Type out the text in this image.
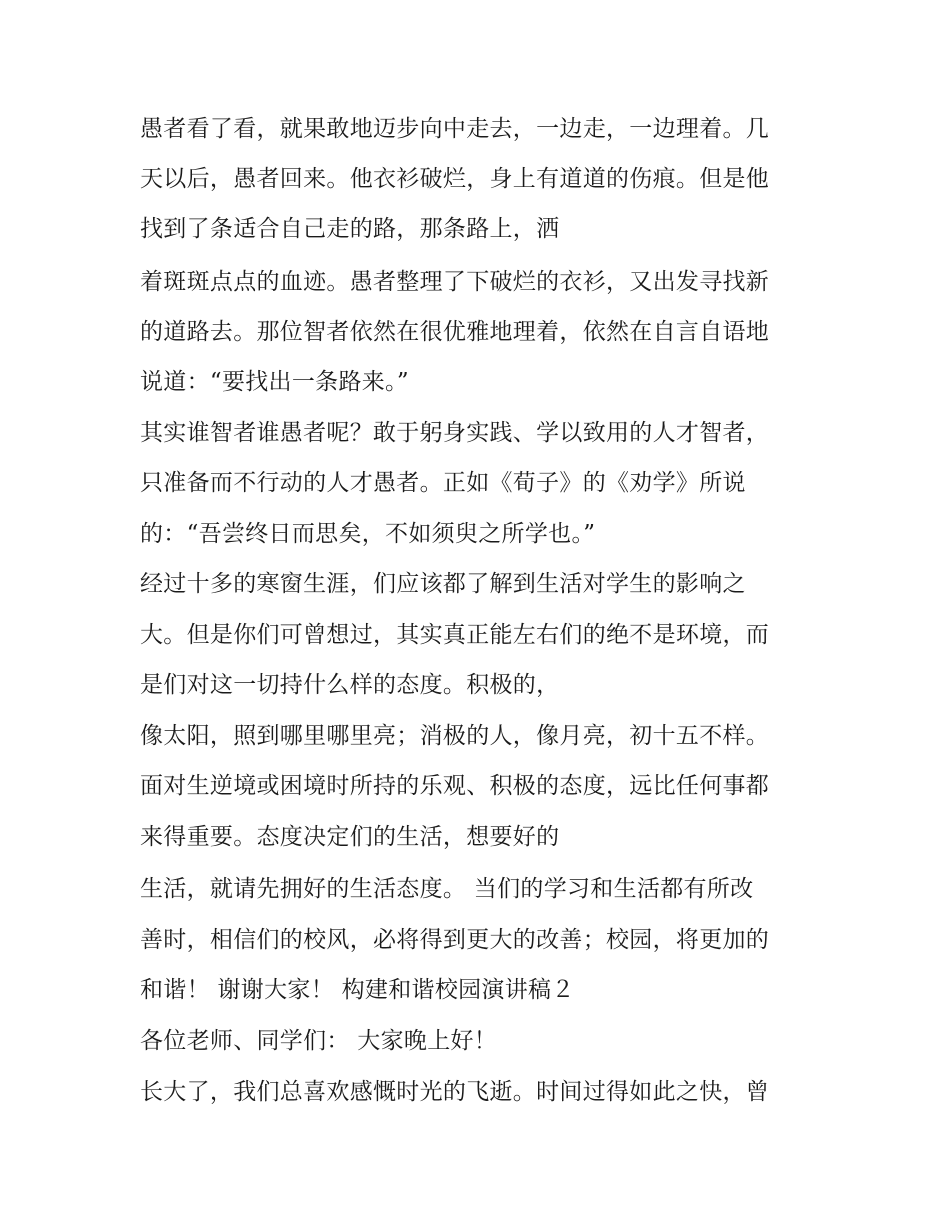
愚者看了看，就果敢地迈步向中走去，一边走，一边理着。几

天以后，愚者回来。他衣衫破烂，身上有道道的伤痕。但是他

找到了条适合自己走的路，那条路上，洒

着斑斑点点的血迹。愚者整理了下破烂的衣衫，又出发寻找新

的道路去。那位智者依然在很优雅地理着，依然在自言自语地

说道：“要找出一条路来。”

其实谁智者谁愚者呢？敢于躬身实践、学以致用的人才智者，

只准备而不行动的人才愚者。正如《荀子》的《劝学》所说

的：“吾尝终日而思矣，不如须臾之所学也。”

经过十多的寒窗生涯，们应该都了解到生活对学生的影响之

大。但是你们可曾想过，其实真正能左右们的绝不是环境，而

是们对这一切持什么样的态度。积极的，

像太阳，照到哪里哪里亮；消极的人，像月亮，初十五不样。

面对生逆境或困境时所持的乐观、积极的态度，远比任何事都

来得重要。态度决定们的生活，想要好的

生活，就请先拥好的生活态度。 当们的学习和生活都有所改

善时，相信们的校风，必将得到更大的改善；校园，将更加的

和谐！ 谢谢大家！ 构建和谐校园演讲稿２

各位老师、同学们： 大家晚上好！

长大了，我们总喜欢感慨时光的飞逝。时间过得如此之快，曾
